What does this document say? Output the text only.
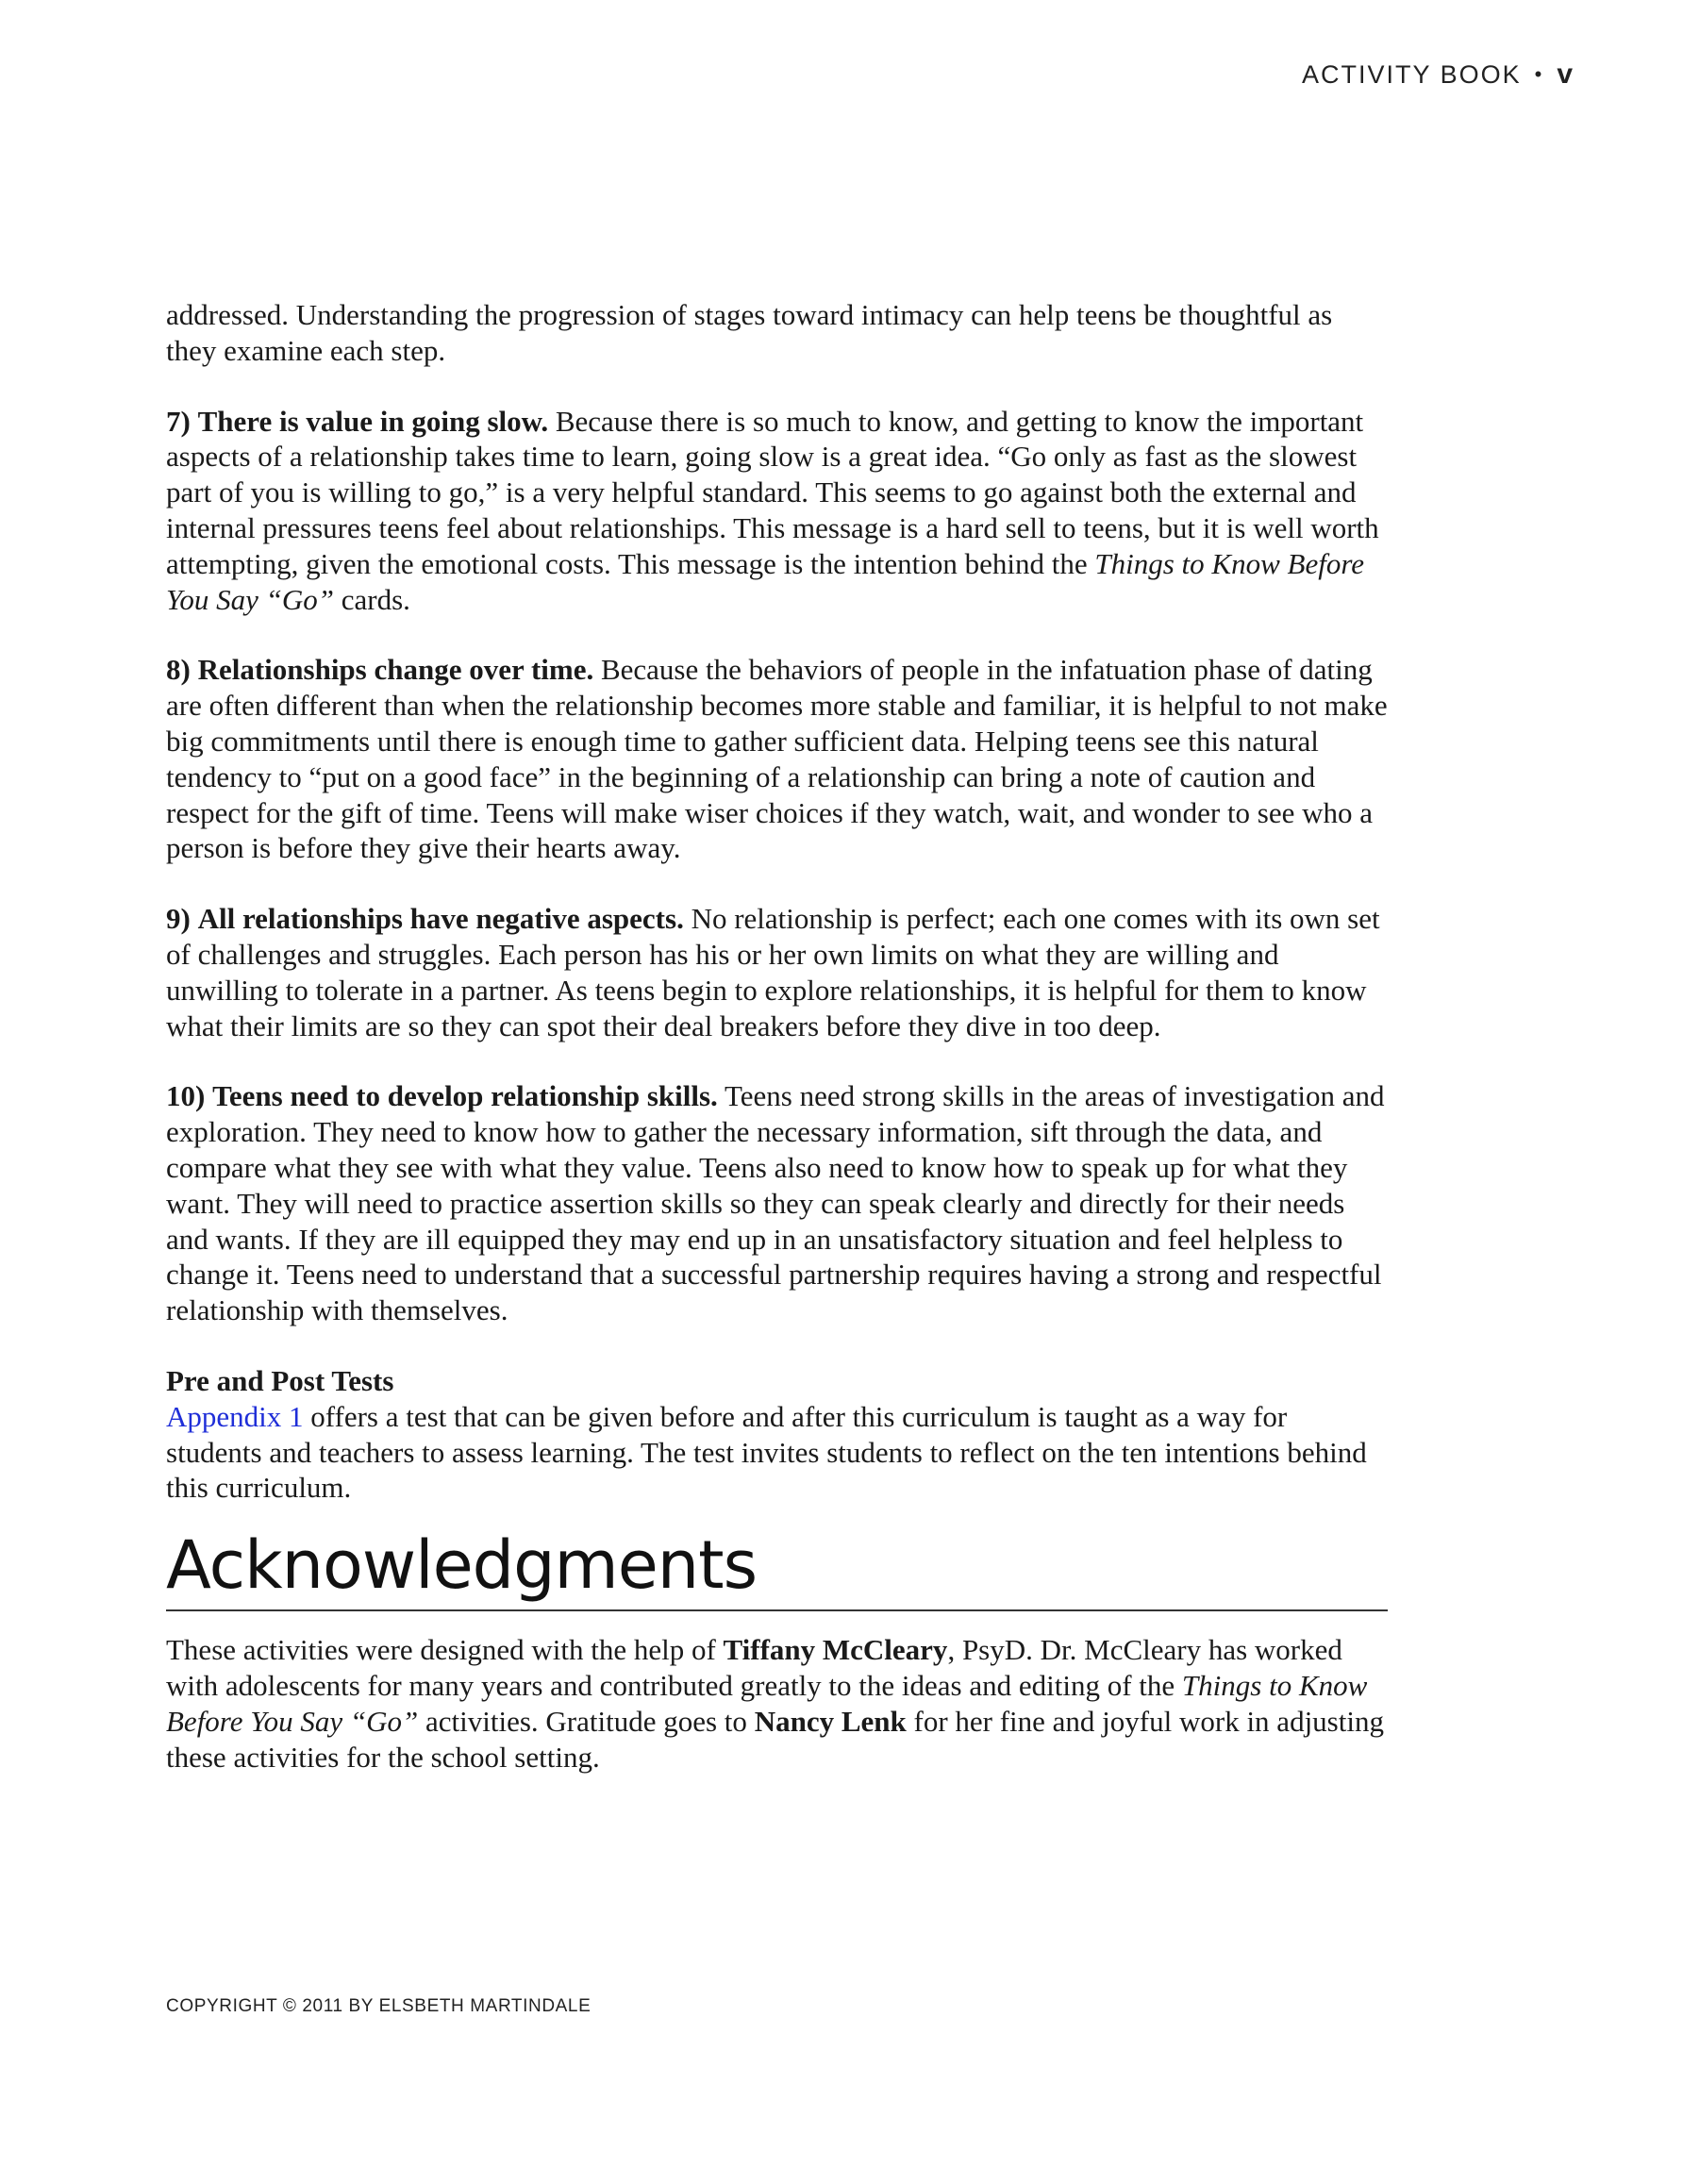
ACTIVITY BOOK • v

addressed. Understanding the progression of stages toward intimacy can help teens be thoughtful as they examine each step.

7) There is value in going slow. Because there is so much to know, and getting to know the important aspects of a relationship takes time to learn, going slow is a great idea. “Go only as fast as the slowest part of you is willing to go,” is a very helpful standard. This seems to go against both the external and internal pressures teens feel about relationships. This message is a hard sell to teens, but it is well worth attempting, given the emotional costs. This message is the intention behind the Things to Know Before You Say “Go” cards.

8) Relationships change over time. Because the behaviors of people in the infatuation phase of dating are often different than when the relationship becomes more stable and familiar, it is helpful to not make big commitments until there is enough time to gather sufficient data. Helping teens see this natural tendency to “put on a good face” in the beginning of a relationship can bring a note of caution and respect for the gift of time. Teens will make wiser choices if they watch, wait, and wonder to see who a person is before they give their hearts away.

9) All relationships have negative aspects. No relationship is perfect; each one comes with its own set of challenges and struggles. Each person has his or her own limits on what they are willing and unwilling to tolerate in a partner. As teens begin to explore relationships, it is helpful for them to know what their limits are so they can spot their deal breakers before they dive in too deep.

10) Teens need to develop relationship skills. Teens need strong skills in the areas of investigation and exploration. They need to know how to gather the necessary information, sift through the data, and compare what they see with what they value. Teens also need to know how to speak up for what they want. They will need to practice assertion skills so they can speak clearly and directly for their needs and wants. If they are ill equipped they may end up in an unsatisfactory situation and feel helpless to change it. Teens need to understand that a successful partnership requires having a strong and respectful relationship with themselves.

Pre and Post Tests

Appendix 1 offers a test that can be given before and after this curriculum is taught as a way for students and teachers to assess learning. The test invites students to reflect on the ten intentions behind this curriculum.

Acknowledgments

These activities were designed with the help of Tiffany McCleary, PsyD. Dr. McCleary has worked with adolescents for many years and contributed greatly to the ideas and editing of the Things to Know Before You Say “Go” activities. Gratitude goes to Nancy Lenk for her fine and joyful work in adjusting these activities for the school setting.

COPYRIGHT © 2011 BY ELSBETH MARTINDALE
